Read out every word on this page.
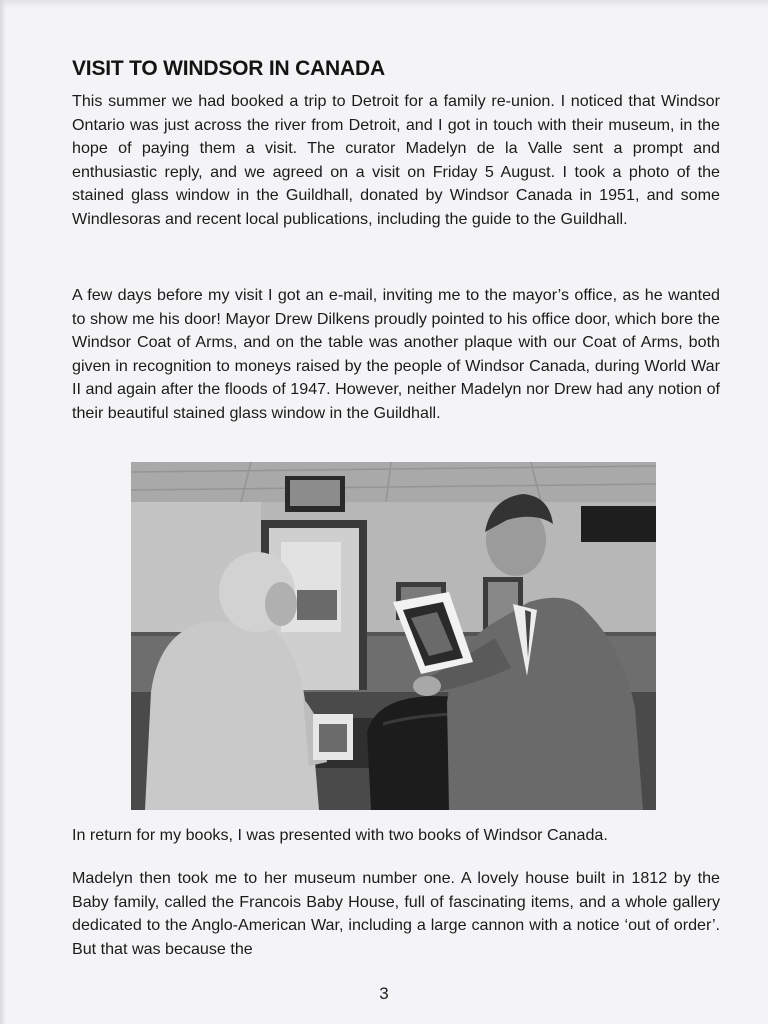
VISIT TO WINDSOR IN CANADA

This summer we had booked a trip to Detroit for a family re-union. I noticed that Windsor Ontario was just across the river from Detroit, and I got in touch with their museum, in the hope of paying them a visit. The curator Madelyn de la Valle sent a prompt and enthusiastic reply, and we agreed on a visit on Friday 5 August. I took a photo of the stained glass window in the Guildhall, donated by Windsor Canada in 1951, and some Windlesoras and recent local publications, including the guide to the Guildhall.

A few days before my visit I got an e-mail, inviting me to the mayor’s office, as he wanted to show me his door! Mayor Drew Dilkens proudly pointed to his office door, which bore the Windsor Coat of Arms, and on the table was another plaque with our Coat of Arms, both given in recognition to moneys raised by the people of Windsor Canada, during World War II and again after the floods of 1947. However, neither Madelyn nor Drew had any notion of their beautiful stained glass window in the Guildhall.

In return for my books, I was presented with two books of Windsor Canada.

Madelyn then took me to her museum number one. A lovely house built in 1812 by the Baby family, called the Francois Baby House, full of fascinating items, and a whole gallery dedicated to the Anglo-American War, including a large cannon with a notice ‘out of order’. But that was because the

3
